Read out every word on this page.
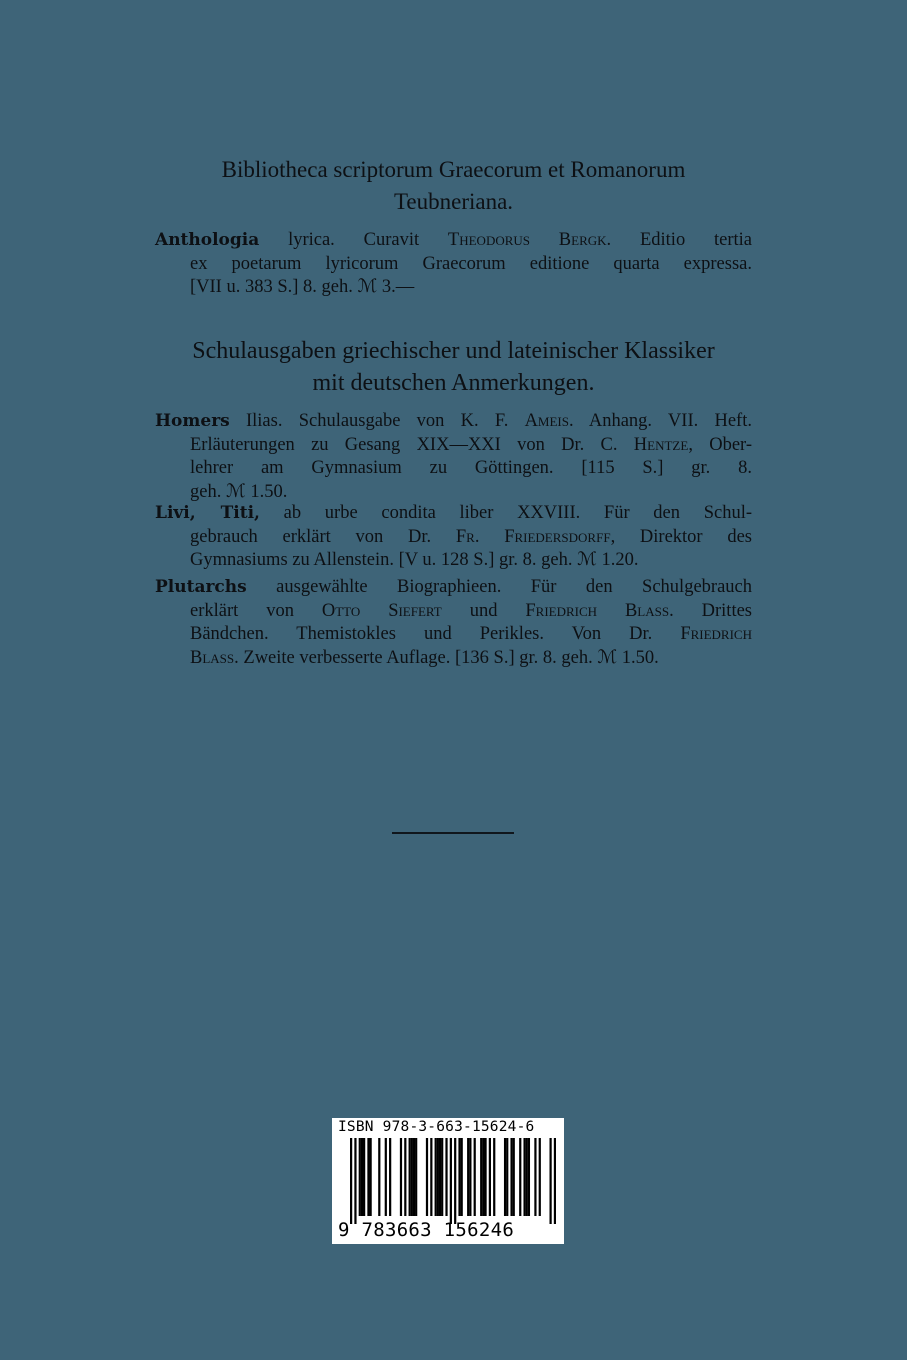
Bibliotheca scriptorum Graecorum et Romanorum
Teubneriana.
Anthologia lyrica. Curavit Theodorus Bergk. Editio tertia
ex poetarum lyricorum Graecorum editione quarta expressa.
[VII u. 383 S.] 8. geh. ℳ 3.—
Schulausgaben griechischer und lateinischer Klassiker
mit deutschen Anmerkungen.
Homers Ilias. Schulausgabe von K. F. Ameis. Anhang. VII. Heft.
Erläuterungen zu Gesang XIX—XXI von Dr. C. Hentze, Ober-
lehrer am Gymnasium zu Göttingen. [115 S.] gr. 8.
geh. ℳ 1.50.
Livi, Titi, ab urbe condita liber XXVIII. Für den Schul-
gebrauch erklärt von Dr. Fr. Friedersdorff, Direktor des
Gymnasiums zu Allenstein. [V u. 128 S.] gr. 8. geh. ℳ 1.20.
Plutarchs ausgewählte Biographieen. Für den Schulgebrauch
erklärt von Otto Siefert und Friedrich Blass. Drittes
Bändchen. Themistokles und Perikles. Von Dr. Friedrich
Blass. Zweite verbesserte Auflage. [136 S.] gr. 8. geh. ℳ 1.50.
ISBN 978-3-663-15624-6
9 783663 156246
